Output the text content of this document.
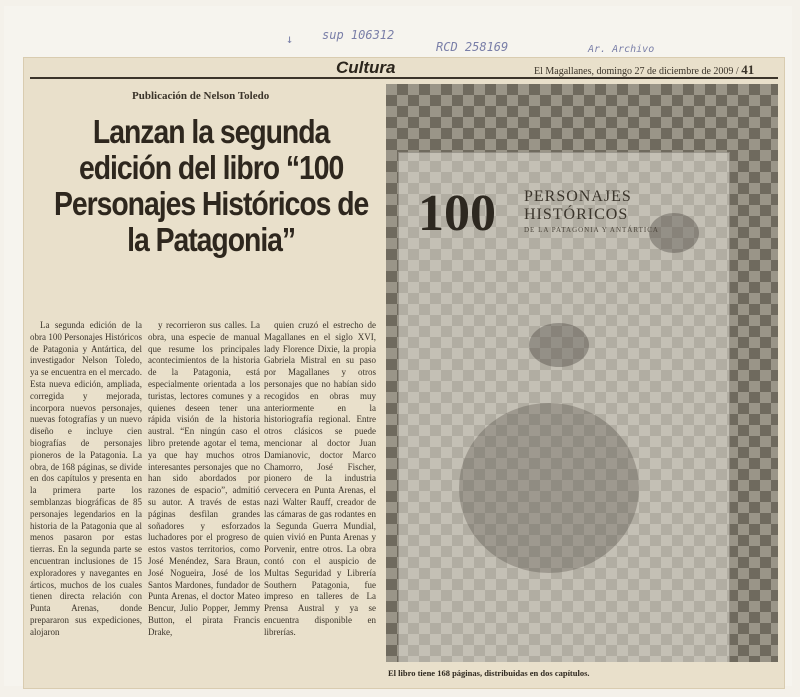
↓ sup 106312
RCD 258169	Ar. Archivo
Cultura	El Magallanes, domingo 27 de diciembre de 2009 / 41
Publicación de Nelson Toledo
Lanzan la segunda edición del libro “100 Personajes Históricos de la Patagonia”

La segunda edición de la obra 100 Personajes Históricos de Patagonia y Antártica, del investigador Nelson Toledo, ya se encuentra en el mercado. Esta nueva edición, ampliada, corregida y mejorada, incorpora nuevos personajes, nuevas fotografías y un nuevo diseño e incluye cien biografías de personajes pioneros de la Patagonia. La obra, de 168 páginas, se divide en dos capítulos y presenta en la primera parte los semblanzas biográficas de 85 personajes legendarios en la historia de la Patagonia que al menos pasaron por estas tierras. En la segunda parte se encuentran inclusiones de 15 exploradores y navegantes en árticos, muchos de los cuales tienen directa relación con Punta Arenas, donde prepararon sus expediciones, alojaron

y recorrieron sus calles. La obra, una especie de manual que resume los principales acontecimientos de la historia de la Patagonia, está especialmente orientada a los turistas, lectores comunes y a quienes deseen tener una rápida visión de la historia austral. “En ningún caso el libro pretende agotar el tema, ya que hay muchos otros interesantes personajes que no han sido abordados por razones de espacio”, admitió su autor. A través de estas páginas desfilan grandes soñadores y esforzados luchadores por el progreso de estos vastos territorios, como José Menéndez, Sara Braun, José Nogueira, José de los Santos Mardones, fundador de Punta Arenas, el doctor Mateo Bencur, Julio Popper, Jemmy Button, el pirata Francis Drake,

quien cruzó el estrecho de Magallanes en el siglo XVI, lady Florence Dixie, la propia Gabriela Mistral en su paso por Magallanes y otros personajes que no habían sido recogidos en obras muy anteriormente en la historiografía regional. Entre otros clásicos se puede mencionar al doctor Juan Damianovic, doctor Marco Chamorro, José Fischer, pionero de la industria cervecera en Punta Arenas, el nazi Walter Rauff, creador de las cámaras de gas rodantes en la Segunda Guerra Mundial, quien vivió en Punta Arenas y Porvenir, entre otros. La obra contó con el auspicio de Multas Seguridad y Librería Southern Patagonia, fue impreso en talleres de La Prensa Austral y ya se encuentra disponible en librerías.

100 PERSONAJES
HISTÓRICOS
DE LA PATAGONIA Y ANTÁRTICA
El libro tiene 168 páginas, distribuidas en dos capítulos.
